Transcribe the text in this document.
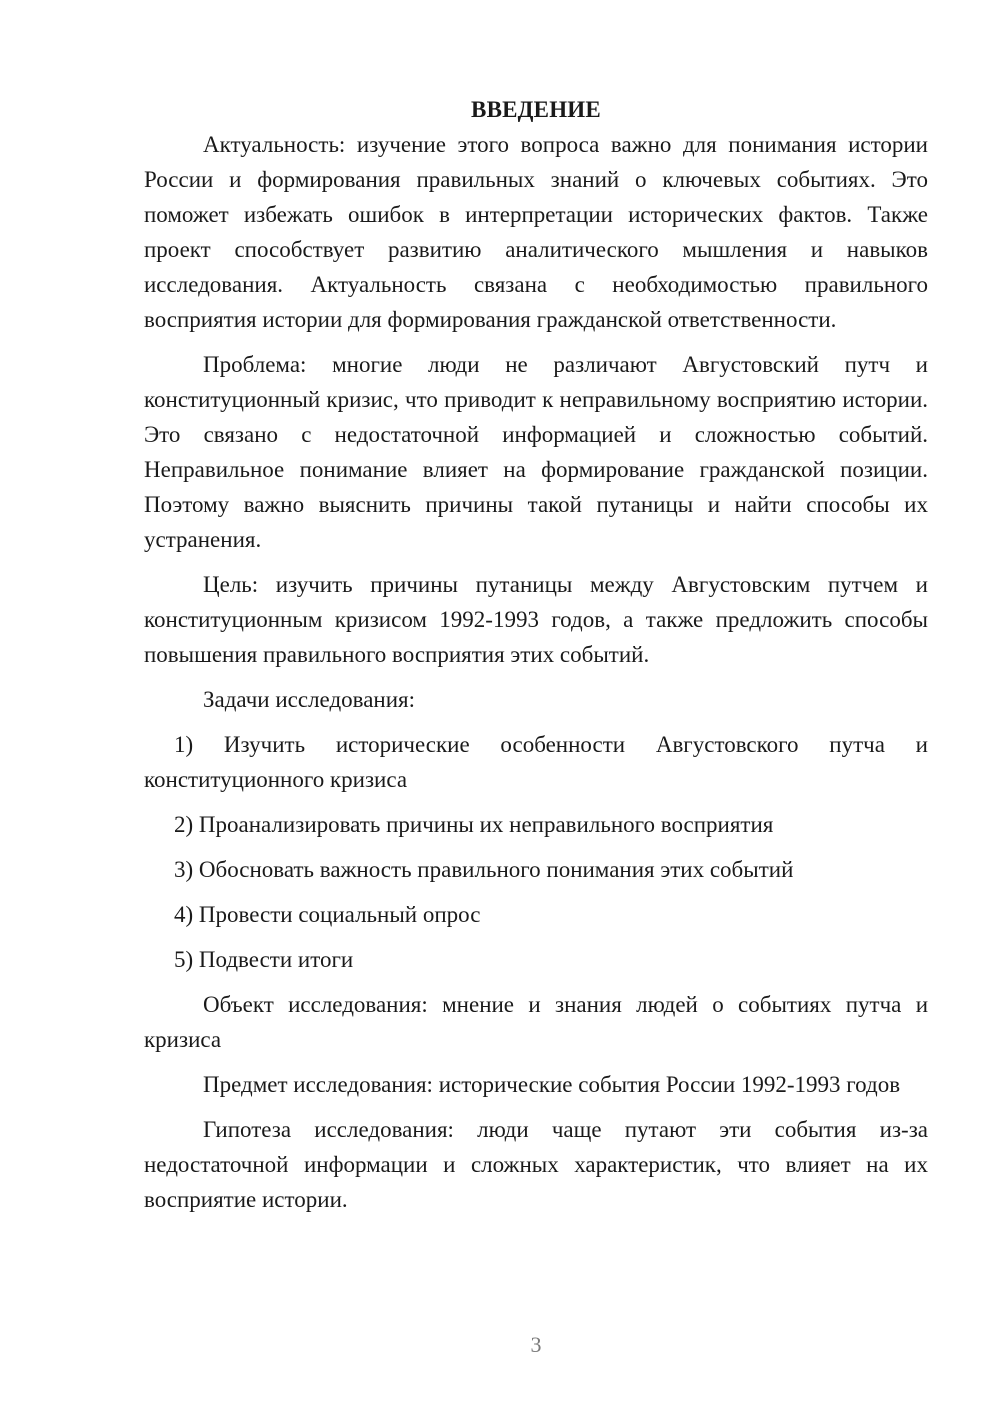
ВВЕДЕНИЕ

Актуальность: изучение этого вопроса важно для понимания истории России и формирования правильных знаний о ключевых событиях. Это поможет избежать ошибок в интерпретации исторических фактов. Также проект способствует развитию аналитического мышления и навыков исследования. Актуальность связана с необходимостью правильного восприятия истории для формирования гражданской ответственности.

Проблема: многие люди не различают Августовский путч и конституционный кризис, что приводит к неправильному восприятию истории. Это связано с недостаточной информацией и сложностью событий. Неправильное понимание влияет на формирование гражданской позиции. Поэтому важно выяснить причины такой путаницы и найти способы их устранения.

Цель: изучить причины путаницы между Августовским путчем и конституционным кризисом 1992-1993 годов, а также предложить способы повышения правильного восприятия этих событий.

Задачи исследования:

1) Изучить исторические особенности Августовского путча и конституционного кризиса

2) Проанализировать причины их неправильного восприятия

3) Обосновать важность правильного понимания этих событий

4) Провести социальный опрос

5) Подвести итоги

Объект исследования: мнение и знания людей о событиях путча и кризиса

Предмет исследования: исторические события России 1992-1993 годов

Гипотеза исследования: люди чаще путают эти события из-за недостаточной информации и сложных характеристик, что влияет на их восприятие истории.

3
